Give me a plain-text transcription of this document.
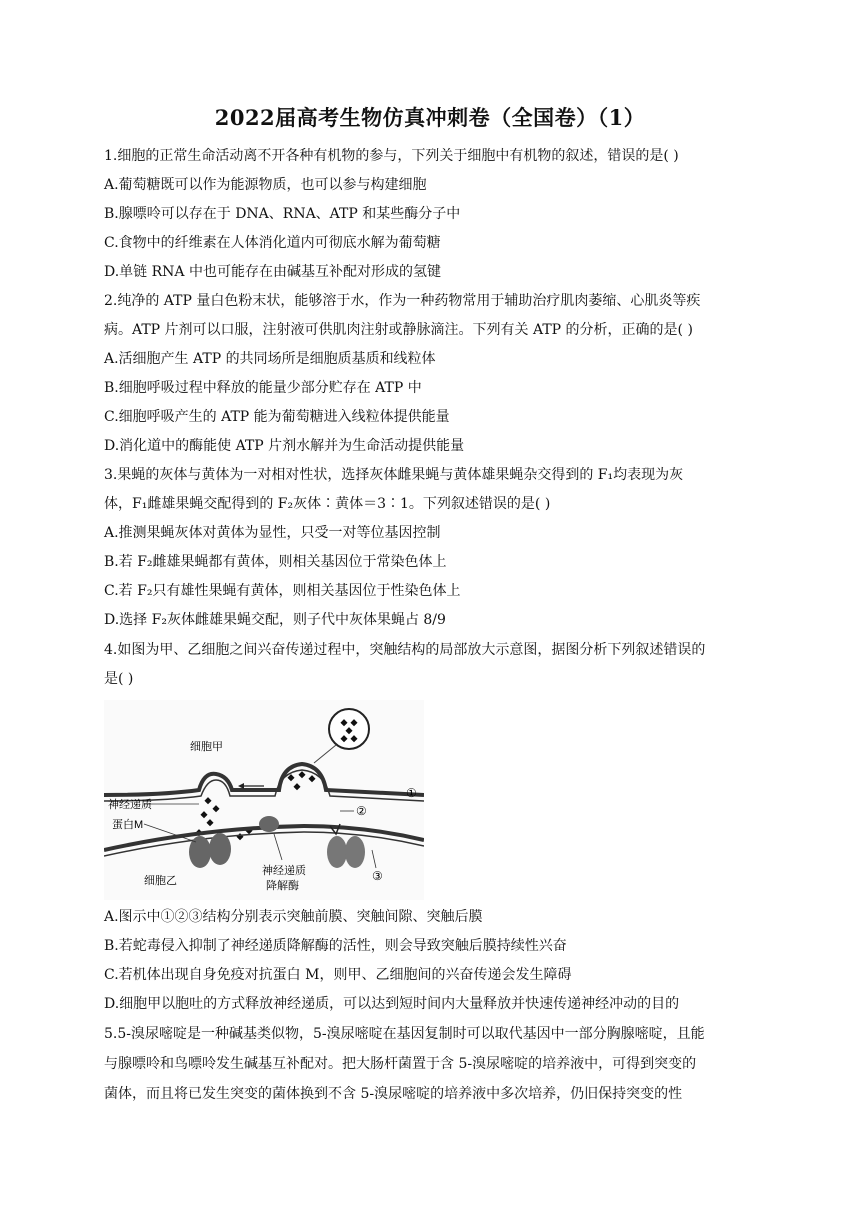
2022届高考生物仿真冲刺卷（全国卷）（1）
1.细胞的正常生命活动离不开各种有机物的参与，下列关于细胞中有机物的叙述，错误的是( )
A.葡萄糖既可以作为能源物质，也可以参与构建细胞
B.腺嘌呤可以存在于 DNA、RNA、ATP 和某些酶分子中
C.食物中的纤维素在人体消化道内可彻底水解为葡萄糖
D.单链 RNA 中也可能存在由碱基互补配对形成的氢键
2.纯净的 ATP 量白色粉末状，能够溶于水，作为一种药物常用于辅助治疗肌肉萎缩、心肌炎等疾
病。ATP 片剂可以口服，注射液可供肌肉注射或静脉滴注。下列有关 ATP 的分析，正确的是( )
A.活细胞产生 ATP 的共同场所是细胞质基质和线粒体
B.细胞呼吸过程中释放的能量少部分贮存在 ATP 中
C.细胞呼吸产生的 ATP 能为葡萄糖进入线粒体提供能量
D.消化道中的酶能使 ATP 片剂水解并为生命活动提供能量
3.果蝇的灰体与黄体为一对相对性状，选择灰体雌果蝇与黄体雄果蝇杂交得到的 F₁均表现为灰
体，F₁雌雄果蝇交配得到的 F₂灰体∶黄体＝3∶1。下列叙述错误的是( )
A.推测果蝇灰体对黄体为显性，只受一对等位基因控制
B.若 F₂雌雄果蝇都有黄体，则相关基因位于常染色体上
C.若 F₂只有雄性果蝇有黄体，则相关基因位于性染色体上
D.选择 F₂灰体雌雄果蝇交配，则子代中灰体果蝇占 8/9
4.如图为甲、乙细胞之间兴奋传递过程中，突触结构的局部放大示意图，据图分析下列叙述错误的
是( )
细胞甲
神经递质
蛋白M
细胞乙
神经递质
降解酶
①
②
③
A.图示中①②③结构分别表示突触前膜、突触间隙、突触后膜
B.若蛇毒侵入抑制了神经递质降解酶的活性，则会导致突触后膜持续性兴奋
C.若机体出现自身免疫对抗蛋白 M，则甲、乙细胞间的兴奋传递会发生障碍
D.细胞甲以胞吐的方式释放神经递质，可以达到短时间内大量释放并快速传递神经冲动的目的
5.5-溴尿嘧啶是一种碱基类似物，5-溴尿嘧啶在基因复制时可以取代基因中一部分胸腺嘧啶，且能
与腺嘌呤和鸟嘌呤发生碱基互补配对。把大肠杆菌置于含 5-溴尿嘧啶的培养液中，可得到突变的
菌体，而且将已发生突变的菌体换到不含 5-溴尿嘧啶的培养液中多次培养，仍旧保持突变的性
